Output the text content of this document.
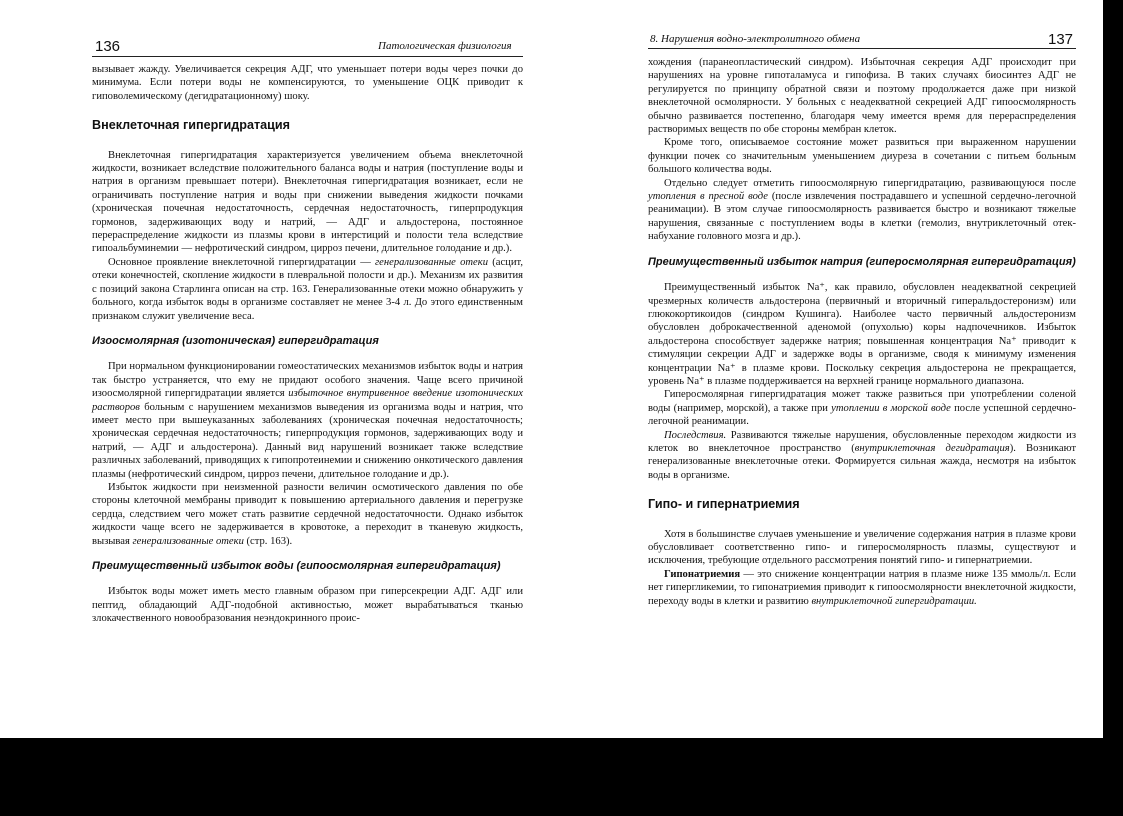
136	Патологическая физиология

вызывает жажду. Увеличивается секреция АДГ, что уменьшает потери воды через почки до минимума. Если потери воды не компенсируются, то уменьшение ОЦК приводит к гиповолемическому (дегидратационному) шоку.

Внеклеточная гипергидратация

Внеклеточная гипергидратация характеризуется увеличением объема внеклеточной жидкости, возникает вследствие положительного баланса воды и натрия (поступление воды и натрия в организм превышает потери). Внеклеточная гипергидратация возникает, если не ограничивать поступление натрия и воды при снижении выведения жидкости почками (хроническая почечная недостаточность, сердечная недостаточность, гиперпродукция гормонов, задерживающих воду и натрий, — АДГ и альдостерона, постоянное перераспределение жидкости из плазмы крови в интерстиций и полости тела вследствие гипоальбуминемии — нефротический синдром, цирроз печени, длительное голодание и др.).

Основное проявление внеклеточной гипергидратации — генерализованные отеки (асцит, отеки конечностей, скопление жидкости в плевральной полости и др.). Механизм их развития с позиций закона Старлинга описан на стр. 163. Генерализованные отеки можно обнаружить у больного, когда избыток воды в организме составляет не менее 3-4 л. До этого единственным признаком служит увеличение веса.

Изоосмолярная (изотоническая) гипергидратация

При нормальном функционировании гомеостатических механизмов избыток воды и натрия так быстро устраняется, что ему не придают особого значения. Чаще всего причиной изоосмолярной гипергидратации является избыточное внутривенное введение изотонических растворов больным с нарушением механизмов выведения из организма воды и натрия, что имеет место при вышеуказанных заболеваниях (хроническая почечная недостаточность; хроническая сердечная недостаточность; гиперпродукция гормонов, задерживающих воду и натрий, — АДГ и альдостерона). Данный вид нарушений возникает также вследствие различных заболеваний, приводящих к гипопротеинемии и снижению онкотического давления плазмы (нефротический синдром, цирроз печени, длительное голодание и др.).

Избыток жидкости при неизменной разности величин осмотического давления по обе стороны клеточной мембраны приводит к повышению артериального давления и перегрузке сердца, следствием чего может стать развитие сердечной недостаточности. Однако избыток жидкости чаще всего не задерживается в кровотоке, а переходит в тканевую жидкость, вызывая генерализованные отеки (стр. 163).

Преимущественный избыток воды (гипоосмолярная гипергидратация)

Избыток воды может иметь место главным образом при гиперсекреции АДГ. АДГ или пептид, обладающий АДГ-подобной активностью, может вырабатываться тканью злокачественного новообразования неэндокринного проис-

8. Нарушения водно-электролитного обмена	137

хождения (паранеопластический синдром). Избыточная секреция АДГ происходит при нарушениях на уровне гипоталамуса и гипофиза. В таких случаях биосинтез АДГ не регулируется по принципу обратной связи и поэтому продолжается даже при низкой внеклеточной осмолярности. У больных с неадекватной секрецией АДГ гипоосмолярность обычно развивается постепенно, благодаря чему имеется время для перераспределения растворимых веществ по обе стороны мембран клеток.

Кроме того, описываемое состояние может развиться при выраженном нарушении функции почек со значительным уменьшением диуреза в сочетании с питьем больным большого количества воды.

Отдельно следует отметить гипоосмолярную гипергидратацию, развивающуюся после утопления в пресной воде (после извлечения пострадавшего и успешной сердечно-легочной реанимации). В этом случае гипоосмолярность развивается быстро и возникают тяжелые нарушения, связанные с поступлением воды в клетки (гемолиз, внутриклеточный отек-набухание головного мозга и др.).

Преимущественный избыток натрия (гиперосмолярная гипергидратация)

Преимущественный избыток Na⁺, как правило, обусловлен неадекватной секрецией чрезмерных количеств альдостерона (первичный и вторичный гиперальдостеронизм) или глюкокортикоидов (синдром Кушинга). Наиболее часто первичный альдостеронизм обусловлен доброкачественной аденомой (опухолью) коры надпочечников. Избыток альдостерона способствует задержке натрия; повышенная концентрация Na⁺ приводит к стимуляции секреции АДГ и задержке воды в организме, сводя к минимуму изменения концентрации Na⁺ в плазме крови. Поскольку секреция альдостерона не прекращается, уровень Na⁺ в плазме поддерживается на верхней границе нормального диапазона.

Гиперосмолярная гипергидратация может также развиться при употреблении соленой воды (например, морской), а также при утоплении в морской воде после успешной сердечно-легочной реанимации.

Последствия. Развиваются тяжелые нарушения, обусловленные переходом жидкости из клеток во внеклеточное пространство (внутриклеточная дегидратация). Возникают генерализованные внеклеточные отеки. Формируется сильная жажда, несмотря на избыток воды в организме.

Гипо- и гипернатриемия

Хотя в большинстве случаев уменьшение и увеличение содержания натрия в плазме крови обусловливает соответственно гипо- и гиперосмолярность плазмы, существуют и исключения, требующие отдельного рассмотрения понятий гипо- и гипернатриемии.

Гипонатриемия — это снижение концентрации натрия в плазме ниже 135 ммоль/л. Если нет гипергликемии, то гипонатриемия приводит к гипоосмолярности внеклеточной жидкости, переходу воды в клетки и развитию внутриклеточной гипергидратации.
